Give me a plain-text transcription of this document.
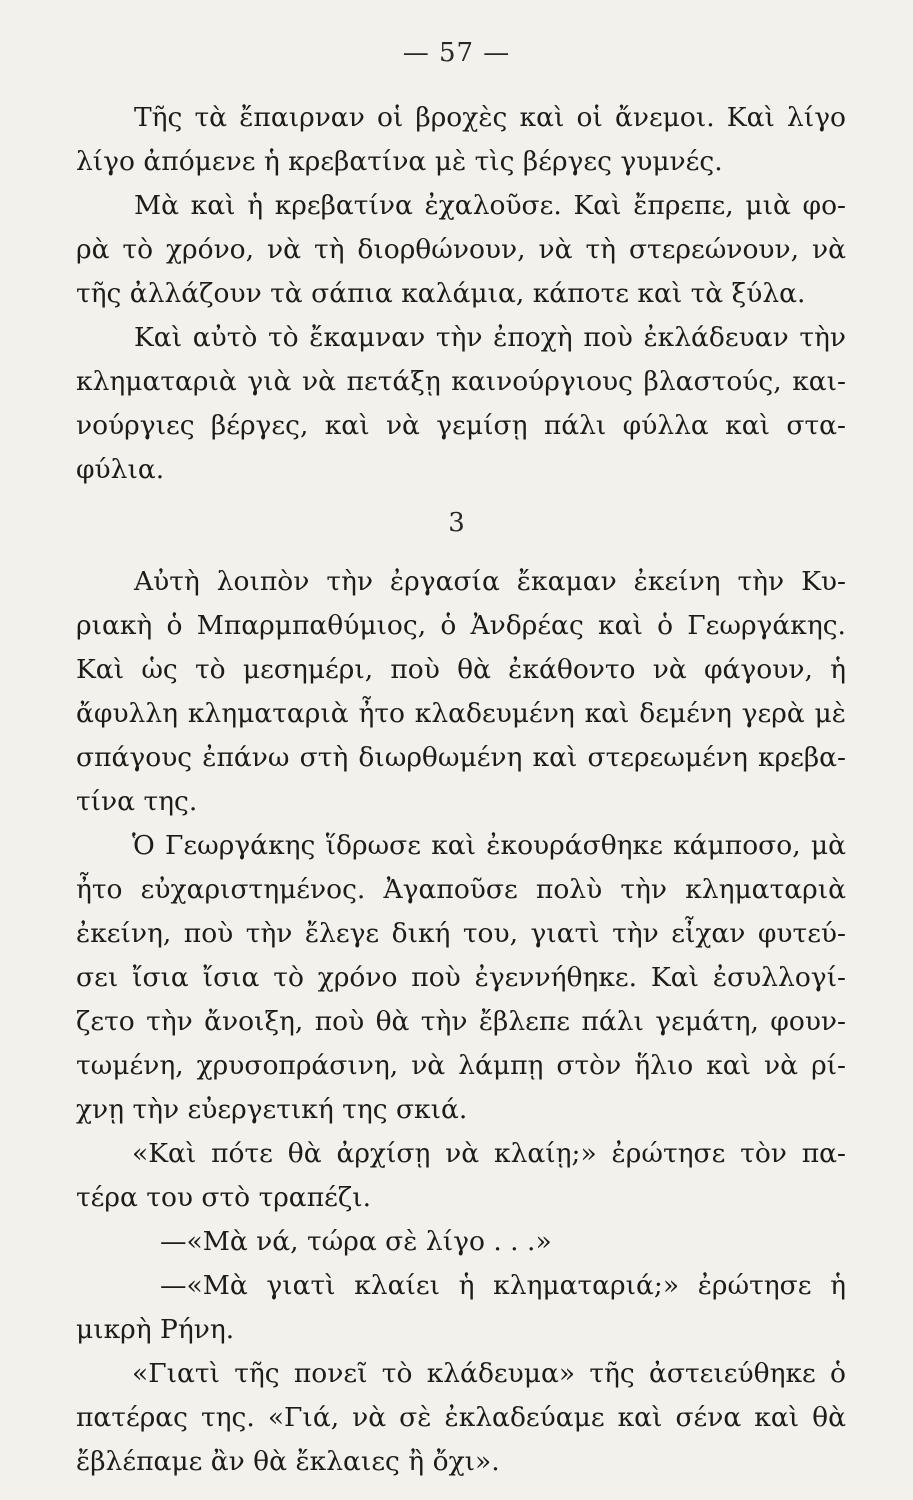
— 57 —
Τῆς τὰ ἔπαιρναν οἱ βροχὲς καὶ οἱ ἄνεμοι. Καὶ λίγο
λίγο ἀπόμενε ἡ κρεβατίνα μὲ τὶς βέργες γυμνές.
Μὰ καὶ ἡ κρεβατίνα ἐχαλοῦσε. Καὶ ἔπρεπε, μιὰ φο-
ρὰ τὸ χρόνο, νὰ τὴ διορθώνουν, νὰ τὴ στερεώνουν, νὰ
τῆς ἀλλάζουν τὰ σάπια καλάμια, κάποτε καὶ τὰ ξύλα.
Καὶ αὐτὸ τὸ ἔκαμναν τὴν ἐποχὴ ποὺ ἐκλάδευαν τὴν
κληματαριὰ γιὰ νὰ πετάξῃ καινούργιους βλαστούς, και-
νούργιες βέργες, καὶ νὰ γεμίσῃ πάλι φύλλα καὶ στα-
φύλια.
3
Αὐτὴ λοιπὸν τὴν ἐργασία ἔκαμαν ἐκείνη τὴν Κυ-
ριακὴ ὁ Μπαρμπαθύμιος, ὁ Ἀνδρέας καὶ ὁ Γεωργάκης.
Καὶ ὡς τὸ μεσημέρι, ποὺ θὰ ἐκάθοντο νὰ φάγουν, ἡ
ἄφυλλη κληματαριὰ ἦτο κλαδευμένη καὶ δεμένη γερὰ μὲ
σπάγους ἐπάνω στὴ διωρθωμένη καὶ στερεωμένη κρεβα-
τίνα της.
Ὁ Γεωργάκης ἵδρωσε καὶ ἐκουράσθηκε κάμποσο, μὰ
ἦτο εὐχαριστημένος. Ἀγαποῦσε πολὺ τὴν κληματαριὰ
ἐκείνη, ποὺ τὴν ἔλεγε δική του, γιατὶ τὴν εἶχαν φυτεύ-
σει ἴσια ἴσια τὸ χρόνο ποὺ ἐγεννήθηκε. Καὶ ἐσυλλογί-
ζετο τὴν ἄνοιξη, ποὺ θὰ τὴν ἔβλεπε πάλι γεμάτη, φουν-
τωμένη, χρυσοπράσινη, νὰ λάμπῃ στὸν ἥλιο καὶ νὰ ρί-
χνῃ τὴν εὐεργετική της σκιά.
«Καὶ πότε θὰ ἀρχίσῃ νὰ κλαίῃ;» ἐρώτησε τὸν πα-
τέρα του στὸ τραπέζι.
—«Μὰ νά, τώρα σὲ λίγο . . .»
—«Μὰ γιατὶ κλαίει ἡ κληματαριά;» ἐρώτησε ἡ
μικρὴ Ρήνη.
«Γιατὶ τῆς πονεῖ τὸ κλάδευμα» τῆς ἀστειεύθηκε ὁ
πατέρας της. «Γιά, νὰ σὲ ἐκλαδεύαμε καὶ σένα καὶ θὰ
ἔβλέπαμε ἂν θὰ ἔκλαιες ἢ ὄχι».
